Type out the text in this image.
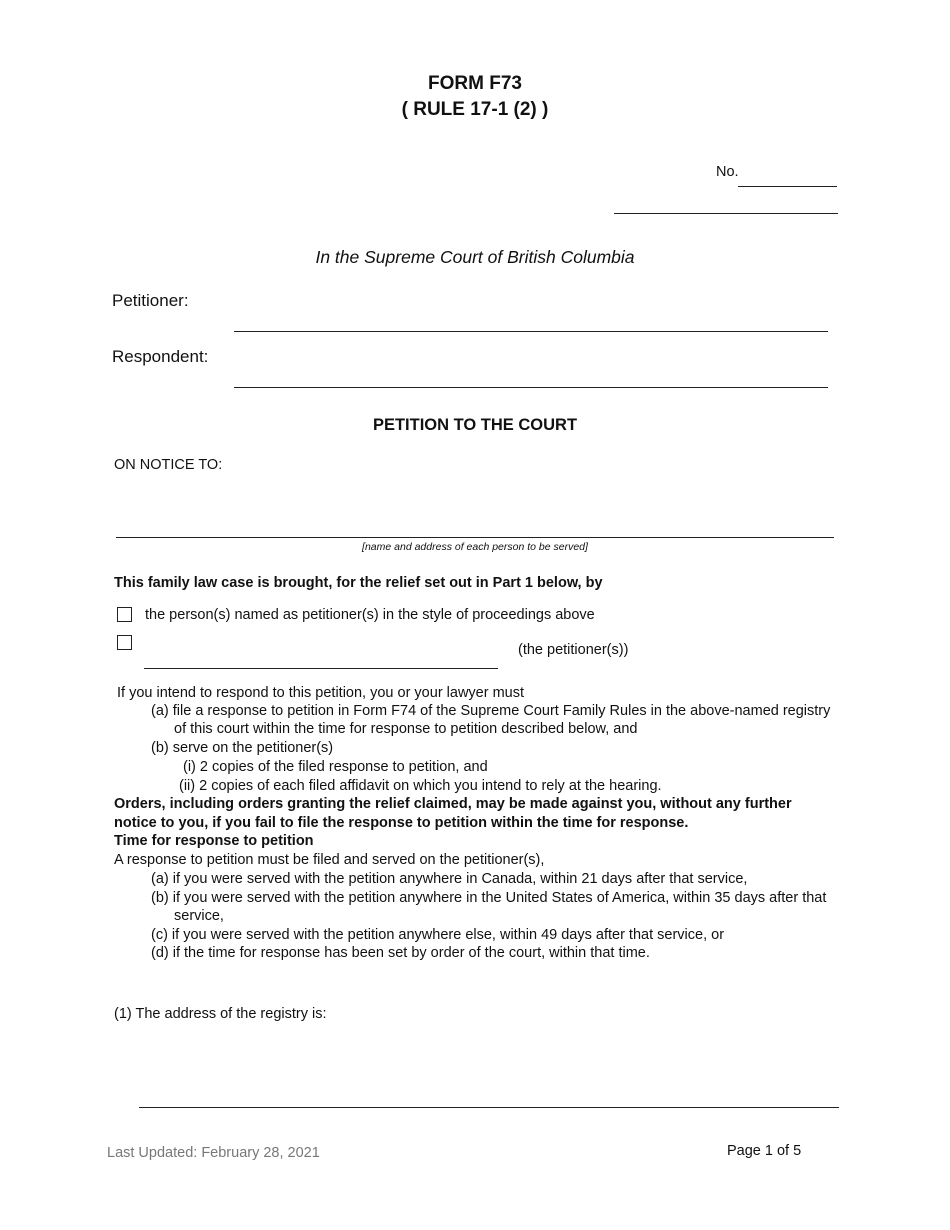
FORM F73
( RULE 17-1 (2) )
No.
In the Supreme Court of British Columbia
Petitioner:
Respondent:
PETITION TO THE COURT
ON NOTICE TO:
[name and address of each person to be served]
This family law case is brought, for the relief set out in Part 1 below, by
the person(s) named as petitioner(s) in the style of proceedings above
(the petitioner(s))
If you intend to respond to this petition, you or your lawyer must
(a) file a response to petition in Form F74 of the Supreme Court Family Rules in the above-named registry
of this court within the time for response to petition described below, and
(b) serve on the petitioner(s)
(i) 2 copies of the filed response to petition, and
(ii) 2 copies of each filed affidavit on which you intend to rely at the hearing.
Orders, including orders granting the relief claimed, may be made against you, without any further
notice to you, if you fail to file the response to petition within the time for response.
Time for response to petition
A response to petition must be filed and served on the petitioner(s),
(a) if you were served with the petition anywhere in Canada, within 21 days after that service,
(b) if you were served with the petition anywhere in the United States of America, within 35 days after that
service,
(c) if you were served with the petition anywhere else, within 49 days after that service, or
(d) if the time for response has been set by order of the court, within that time.
(1) The address of the registry is:
Last Updated: February 28, 2021	Page 1 of 5
